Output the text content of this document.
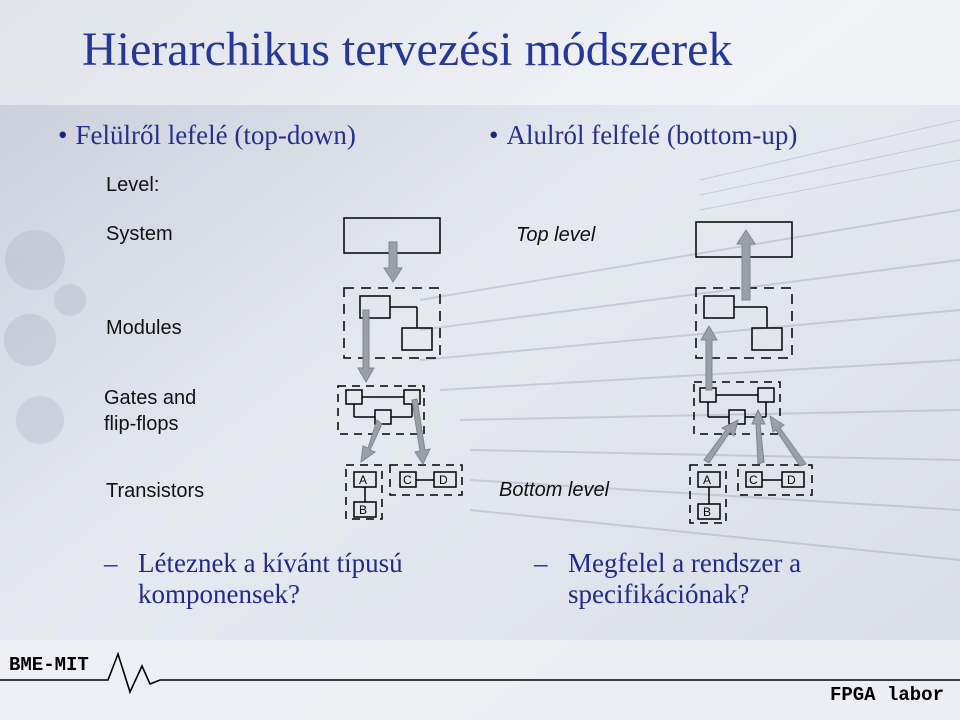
Hierarchikus tervezési módszerek
• Felülről lefelé (top-down)	• Alulról felfelé (bottom-up)
Level:
System
Modules
Gates and
flip-flops
Transistors
Top level
Bottom level
A
B
C D	A
B
C D
– Léteznek a kívánt típusú komponensek?
– Megfelel a rendszer a specifikációnak?
BME-MIT
FPGA labor
